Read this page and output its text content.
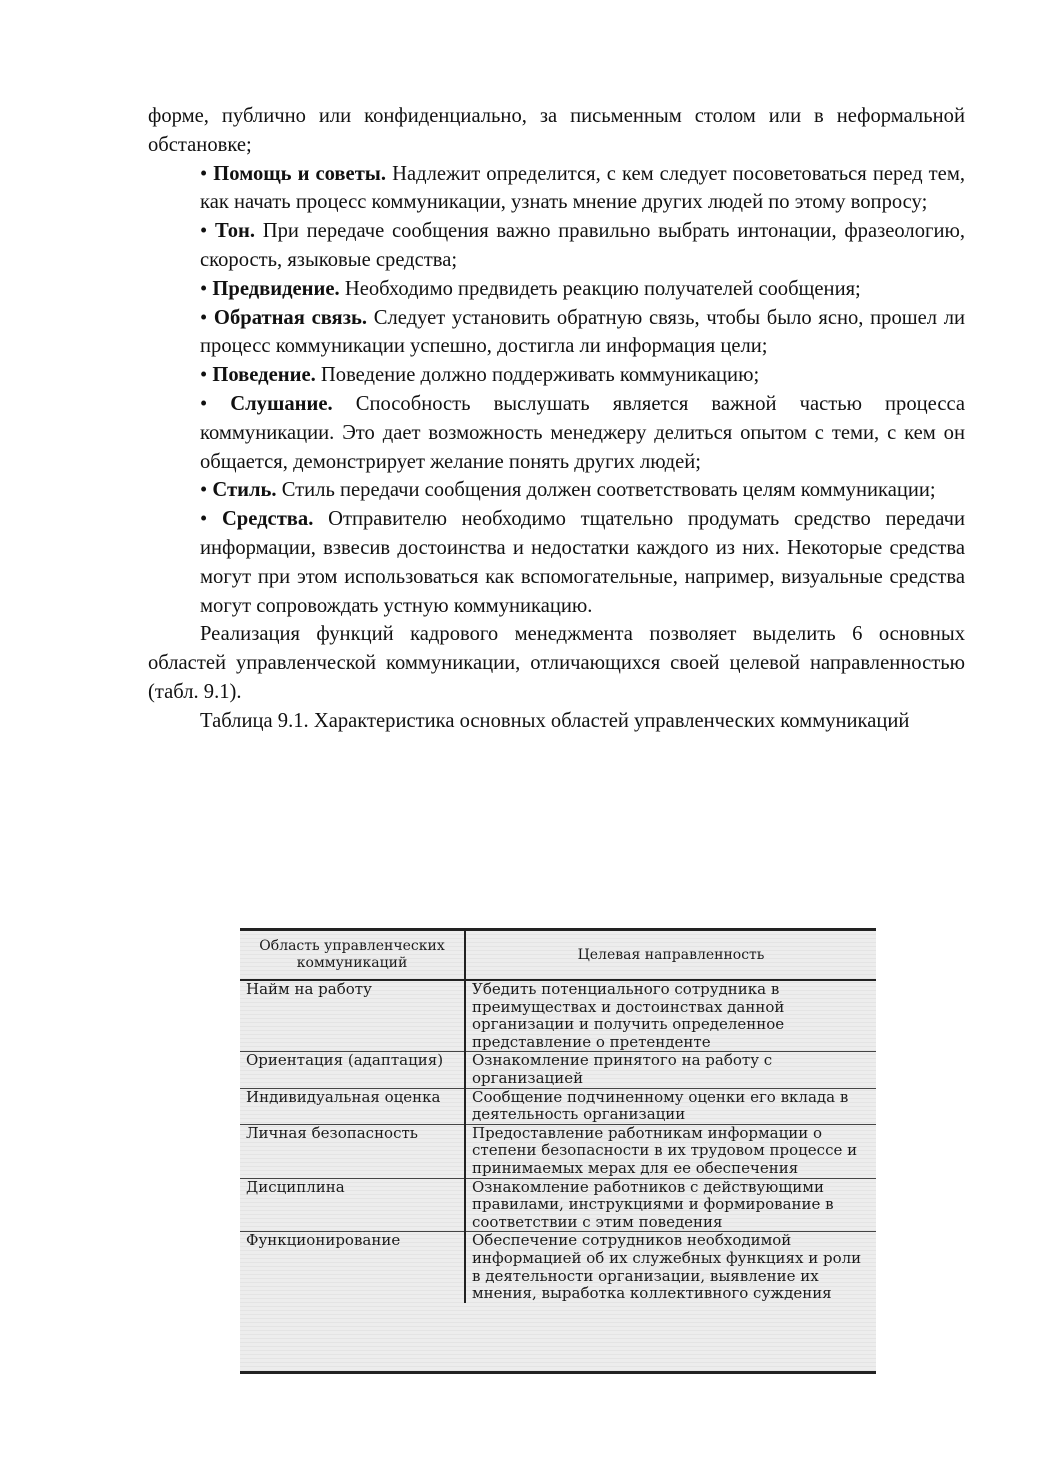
форме, публично или конфиденциально, за письменным столом или в неформальной обстановке;

• Помощь и советы. Надлежит определится, с кем следует посоветоваться перед тем, как начать процесс коммуникации, узнать мнение других людей по этому вопросу;

• Тон. При передаче сообщения важно правильно выбрать интонации, фразеологию, скорость, языковые средства;

• Предвидение. Необходимо предвидеть реакцию получателей сообщения;

• Обратная связь. Следует установить обратную связь, чтобы было ясно, прошел ли процесс коммуникации успешно, достигла ли информация цели;

• Поведение. Поведение должно поддерживать коммуникацию;

• Слушание. Способность выслушать является важной частью процесса коммуникации. Это дает возможность менеджеру делиться опытом с теми, с кем он общается, демонстрирует желание понять других людей;

• Стиль. Стиль передачи сообщения должен соответствовать целям коммуникации;

• Средства. Отправителю необходимо тщательно продумать средство передачи информации, взвесив достоинства и недостатки каждого из них. Некоторые средства могут при этом использоваться как вспомогательные, например, визуальные средства могут сопровождать устную коммуникацию.

Реализация функций кадрового менеджмента позволяет выделить 6 основных областей управленческой коммуникации, отличающихся своей целевой направленностью (табл. 9.1).

Таблица 9.1. Характеристика основных областей управленческих коммуникаций

Область управленческих коммуникаций	Целевая направленность
Найм на работу	Убедить потенциального сотрудника в преимуществах и достоинствах данной организации и получить определенное представление о претенденте
Ориентация (адаптация)	Ознакомление принятого на работу с организацией
Индивидуальная оценка	Сообщение подчиненному оценки его вклада в деятельность организации
Личная безопасность	Предоставление работникам информации о степени безопасности в их трудовом процессе и принимаемых мерах для ее обеспечения
Дисциплина	Ознакомление работников с действующими правилами, инструкциями и формирование в соответствии с этим поведения
Функционирование	Обеспечение сотрудников необходимой информацией об их служебных функциях и роли в деятельности организации, выявление их мнения, выработка коллективного суждения
